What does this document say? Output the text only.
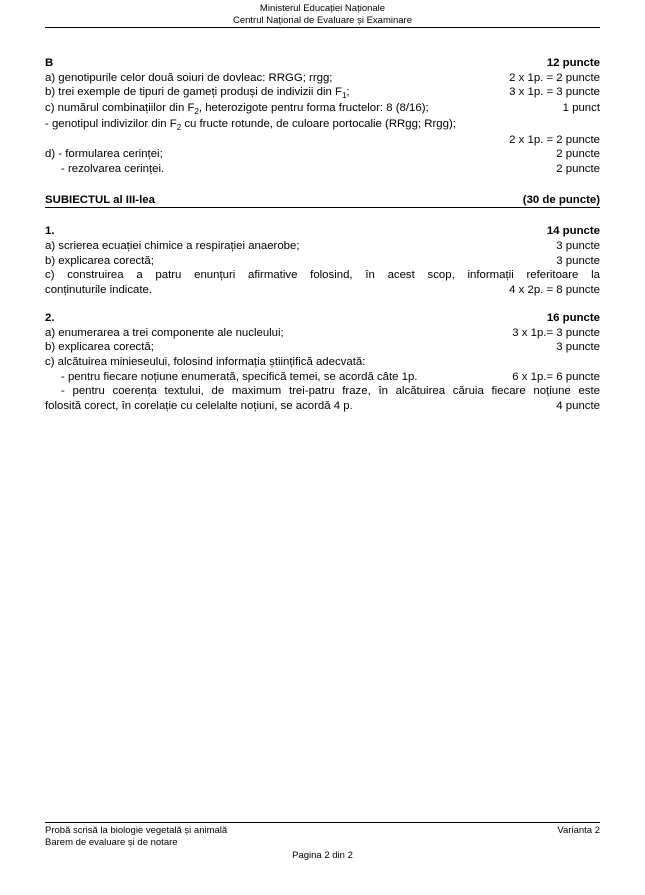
Ministerul Educației Naționale
Centrul Național de Evaluare și Examinare
B	12 puncte
a) genotipurile celor două soiuri de dovleac: RRGG; rrgg;	2 x 1p. = 2 puncte
b) trei exemple de tipuri de gameți produși de indivizii din $F_1$;	3 x 1p. = 3 puncte
c) numărul combinațiilor din $F_2$, heterozigote pentru forma fructelor: 8 (8/16);	1 punct
- genotipul indivizilor din $F_2$ cu fructe rotunde, de culoare portocalie (RRgg; Rrgg);
2 x 1p. = 2 puncte
d) - formularea cerinței;	2 puncte
- rezolvarea cerinței.	2 puncte
SUBIECTUL al III-lea	(30 de puncte)
1.	14 puncte
a) scrierea ecuației chimice a respirației anaerobe;	3 puncte
b) explicarea corectă;	3 puncte
c) construirea a patru enunțuri afirmative folosind, în acest scop, informații referitoare la
conținuturile indicate.	4 x 2p. = 8 puncte
2.	16 puncte
a) enumerarea a trei componente ale nucleului;	3 x 1p.= 3 puncte
b) explicarea corectă;	3 puncte
c) alcătuirea minieseului, folosind informația științifică adecvată:
- pentru fiecare noțiune enumerată, specifică temei, se acordă câte 1p.	6 x 1p.= 6 puncte
- pentru coerența textului, de maximum trei-patru fraze, în alcătuirea căruia fiecare noțiune este
folosită corect, în corelație cu celelalte noțiuni, se acordă 4 p.	4 puncte
Probă scrisă la biologie vegetală și animală	Varianta 2
Barem de evaluare și de notare
Pagina 2 din 2
